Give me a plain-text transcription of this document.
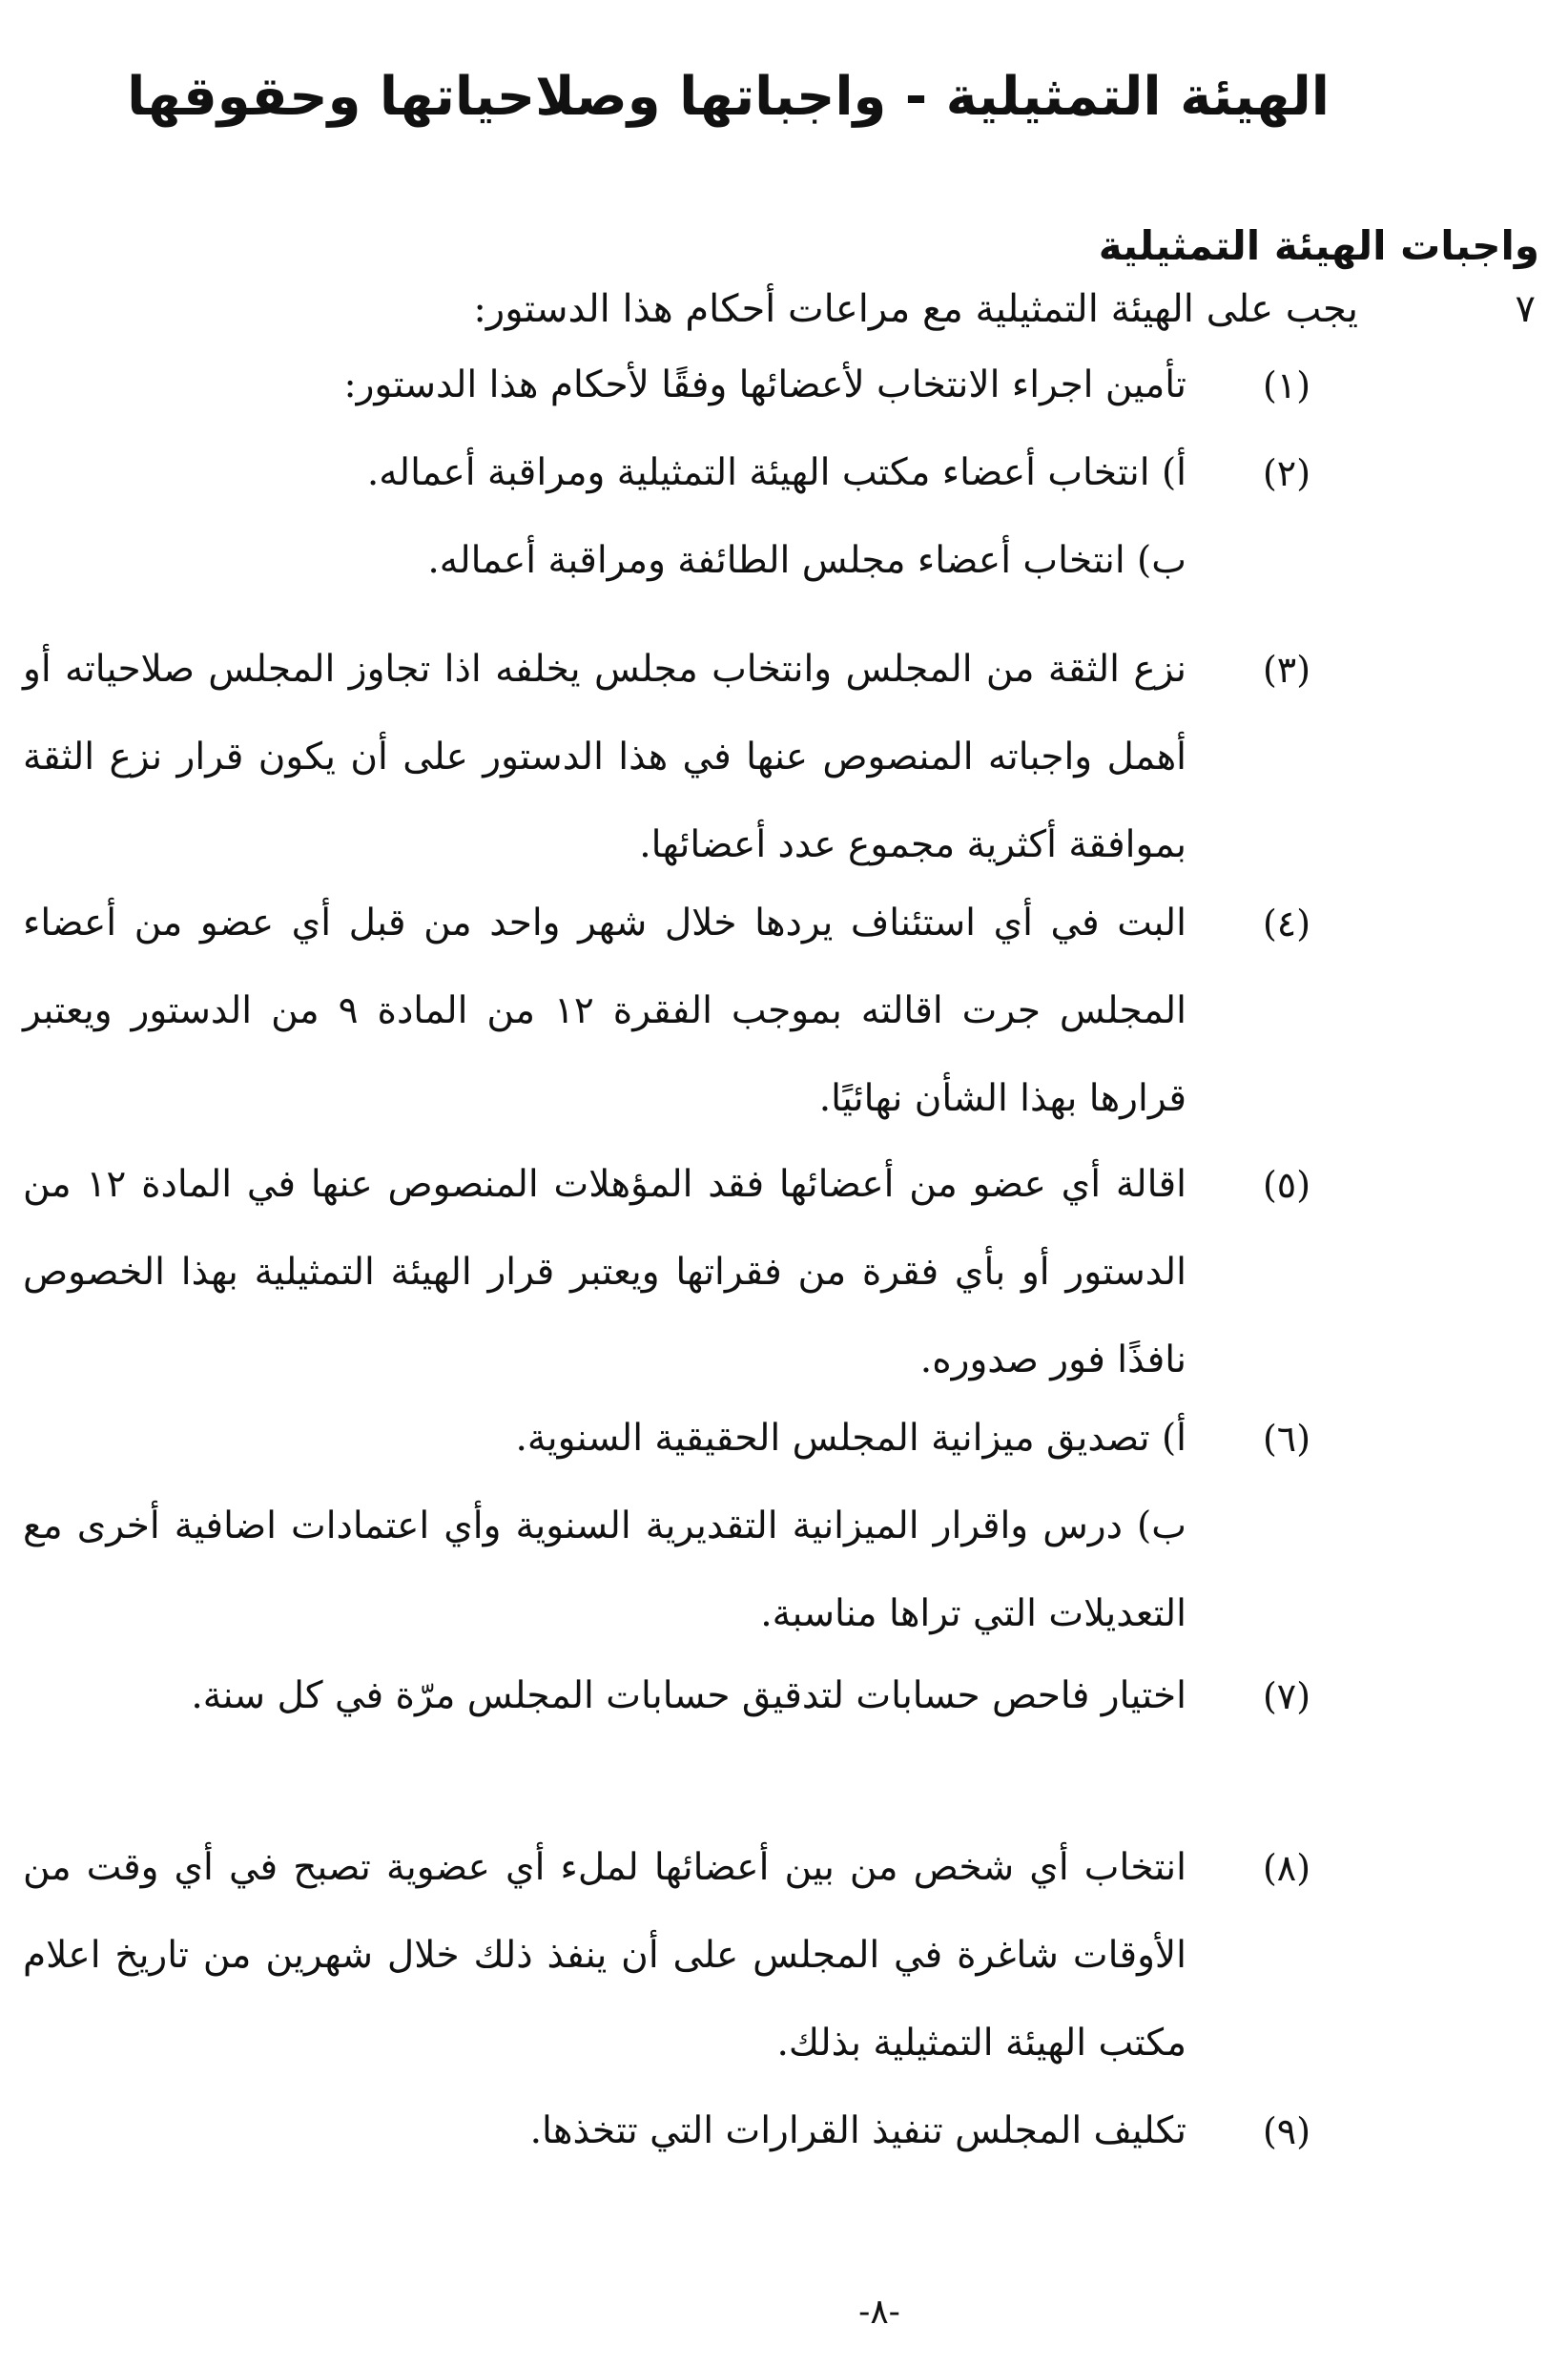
الهيئة التمثيلية - واجباتها وصلاحياتها وحقوقها
واجبات الهيئة التمثيلية
٧
يجب على الهيئة التمثيلية مع مراعات أحكام هذا الدستور:
(١)
تأمين اجراء الانتخاب لأعضائها وفقًا لأحكام هذا الدستور:
(٢)
أ) انتخاب أعضاء مكتب الهيئة التمثيلية ومراقبة أعماله.
ب) انتخاب أعضاء مجلس الطائفة ومراقبة أعماله.
(٣)
نزع الثقة من المجلس وانتخاب مجلس يخلفه اذا تجاوز المجلس صلاحياته أو أهمل واجباته المنصوص عنها في هذا الدستور على أن يكون قرار نزع الثقة بموافقة أكثرية مجموع عدد أعضائها.
(٤)
البت في أي استئناف يردها خلال شهر واحد من قبل أي عضو من أعضاء المجلس جرت اقالته بموجب الفقرة ١٢ من المادة ٩ من الدستور ويعتبر قرارها بهذا الشأن نهائيًا.
(٥)
اقالة أي عضو من أعضائها فقد المؤهلات المنصوص عنها في المادة ١٢ من الدستور أو بأي فقرة من فقراتها ويعتبر قرار الهيئة التمثيلية بهذا الخصوص نافذًا فور صدوره.
(٦)
أ) تصديق ميزانية المجلس الحقيقية السنوية.
ب) درس واقرار الميزانية التقديرية السنوية وأي اعتمادات اضافية أخرى مع التعديلات التي تراها مناسبة.
(٧)
اختيار فاحص حسابات لتدقيق حسابات المجلس مرّة في كل سنة.
(٨)
انتخاب أي شخص من بين أعضائها لملء أي عضوية تصبح في أي وقت من الأوقات شاغرة في المجلس على أن ينفذ ذلك خلال شهرين من تاريخ اعلام مكتب الهيئة التمثيلية بذلك.
(٩)
تكليف المجلس تنفيذ القرارات التي تتخذها.
-٨-
